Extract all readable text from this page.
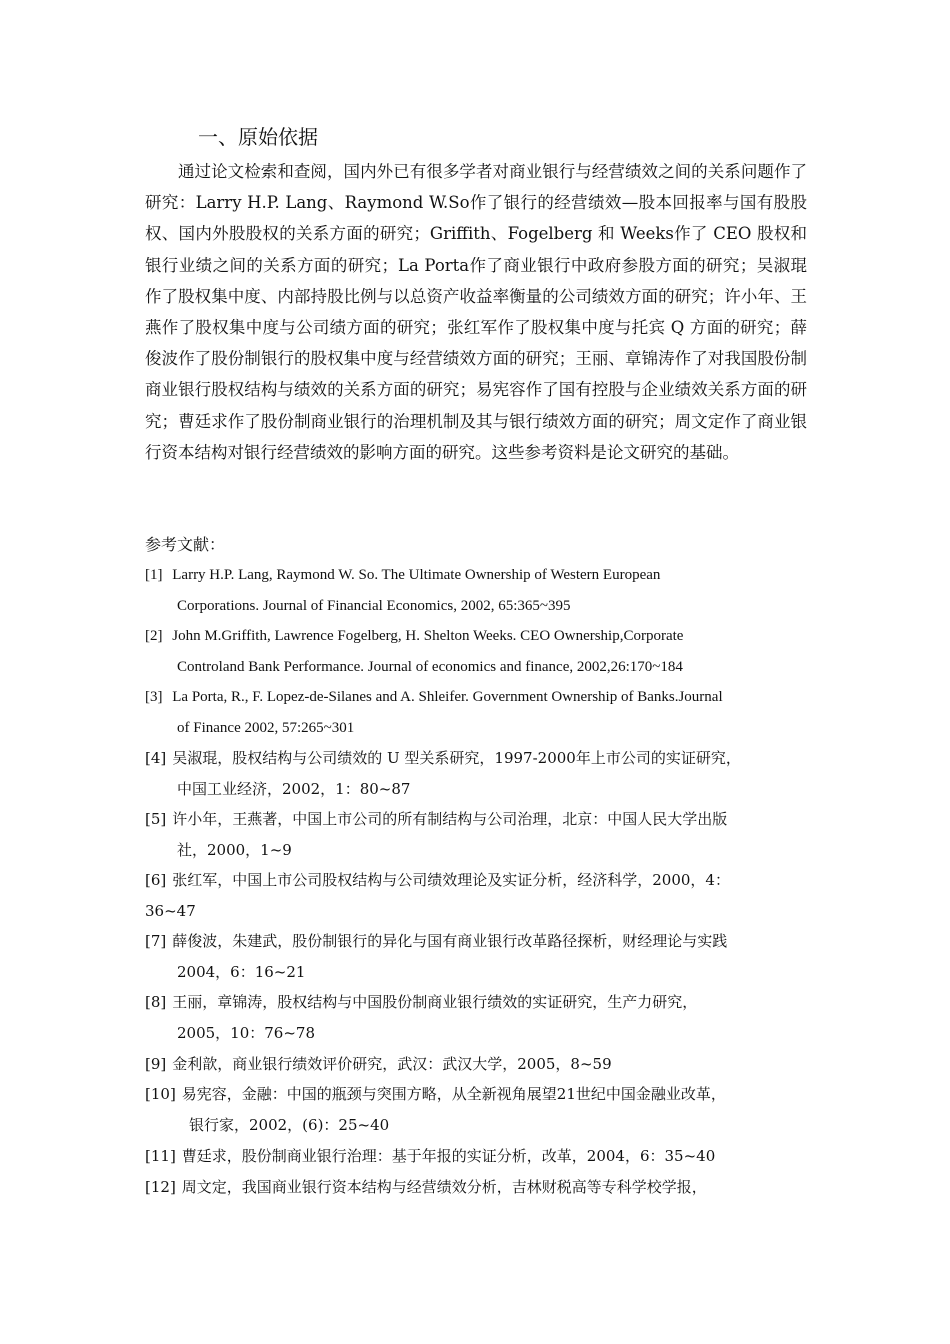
一、原始依据
通过论文检索和查阅，国内外已有很多学者对商业银行与经营绩效之间的关系问题作了研究：Larry H.P. Lang、Raymond W.So作了银行的经营绩效—股本回报率与国有股股权、国内外股股权的关系方面的研究；Griffith、Fogelberg 和 Weeks作了 CEO 股权和银行业绩之间的关系方面的研究；La Porta作了商业银行中政府参股方面的研究；吴淑琨作了股权集中度、内部持股比例与以总资产收益率衡量的公司绩效方面的研究；许小年、王燕作了股权集中度与公司绩方面的研究；张红军作了股权集中度与托宾 Q 方面的研究；薛俊波作了股份制银行的股权集中度与经营绩效方面的研究；王丽、章锦涛作了对我国股份制商业银行股权结构与绩效的关系方面的研究；易宪容作了国有控股与企业绩效关系方面的研究；曹廷求作了股份制商业银行的治理机制及其与银行绩效方面的研究；周文定作了商业银行资本结构对银行经营绩效的影响方面的研究。这些参考资料是论文研究的基础。
参考文献：
[1] Larry H.P. Lang, Raymond W. So. The Ultimate Ownership of Western European
Corporations. Journal of Financial Economics, 2002, 65:365~395
[2] John M.Griffith, Lawrence Fogelberg, H. Shelton Weeks. CEO Ownership,Corporate
Controland Bank Performance. Journal of economics and finance, 2002,26:170~184
[3] La Porta, R., F. Lopez-de-Silanes and A. Shleifer. Government Ownership of Banks.Journal
of Finance 2002, 57:265~301
[4] 吴淑琨，股权结构与公司绩效的 U 型关系研究，1997-2000年上市公司的实证研究，
中国工业经济，2002，1：80~87
[5] 许小年，王燕著，中国上市公司的所有制结构与公司治理，北京：中国人民大学出版
社，2000，1~9
[6] 张红军，中国上市公司股权结构与公司绩效理论及实证分析，经济科学，2000，4：
36~47
[7] 薛俊波，朱建武，股份制银行的异化与国有商业银行改革路径探析，财经理论与实践
2004，6：16~21
[8] 王丽，章锦涛，股权结构与中国股份制商业银行绩效的实证研究，生产力研究，
2005，10：76~78
[9] 金利歆，商业银行绩效评价研究，武汉：武汉大学，2005，8~59
[10] 易宪容，金融：中国的瓶颈与突围方略，从全新视角展望21世纪中国金融业改革，
银行家，2002，(6)：25~40
[11] 曹廷求，股份制商业银行治理：基于年报的实证分析，改革，2004，6：35~40
[12] 周文定，我国商业银行资本结构与经营绩效分析，吉林财税高等专科学校学报，
